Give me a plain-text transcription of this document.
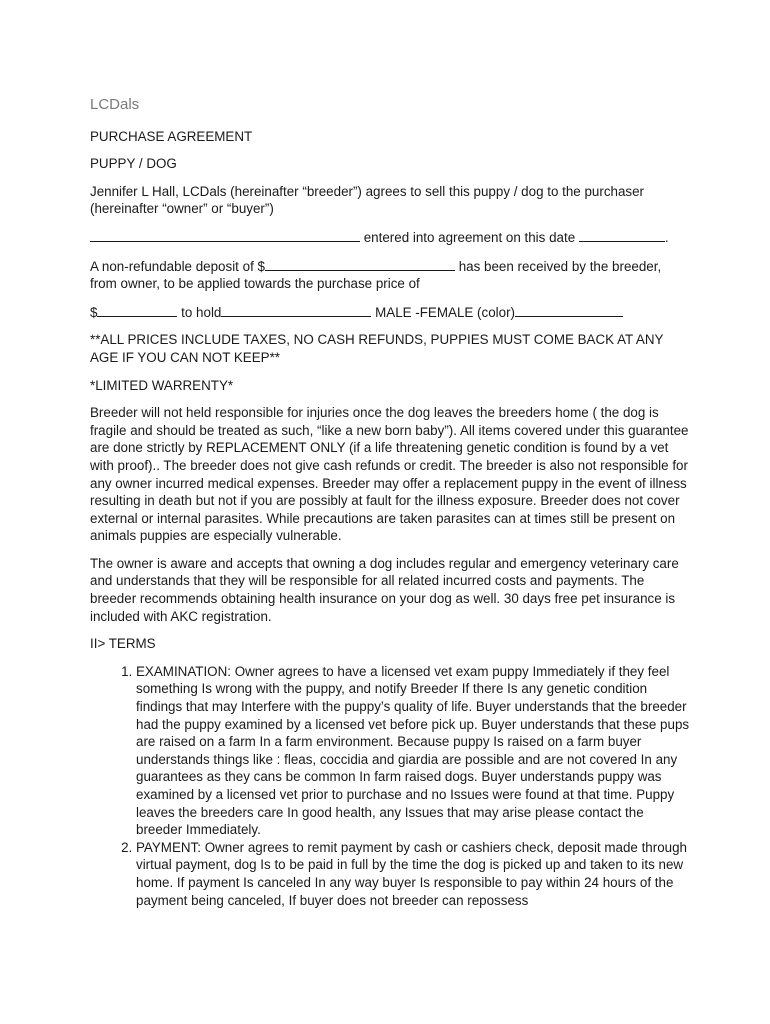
LCDals

PURCHASE AGREEMENT

PUPPY / DOG

Jennifer L Hall, LCDals (hereinafter “breeder”) agrees to sell this puppy / dog to the purchaser (hereinafter “owner” or “buyer”)

entered into agreement on this date	.

A non-refundable deposit of $	has been received by the breeder, from owner, to be applied towards the purchase price of

$	to hold	MALE -FEMALE (color)

**ALL PRICES INCLUDE TAXES, NO CASH REFUNDS, PUPPIES MUST COME BACK AT ANY AGE IF YOU CAN NOT KEEP**

*LIMITED WARRENTY*

Breeder will not held responsible for injuries once the dog leaves the breeders home ( the dog is fragile and should be treated as such, “like a new born baby”). All items covered under this guarantee are done strictly by REPLACEMENT ONLY (if a life threatening genetic condition is found by a vet with proof).. The breeder does not give cash refunds or credit. The breeder is also not responsible for any owner incurred medical expenses. Breeder may offer a replacement puppy in the event of illness resulting in death but not if you are possibly at fault for the illness exposure. Breeder does not cover external or internal parasites. While precautions are taken parasites can at times still be present on animals puppies are especially vulnerable.

The owner is aware and accepts that owning a dog includes regular and emergency veterinary care and understands that they will be responsible for all related incurred costs and payments. The breeder recommends obtaining health insurance on your dog as well. 30 days free pet insurance is included with AKC registration.

II> TERMS

1. EXAMINATION: Owner agrees to have a licensed vet exam puppy Immediately if they feel something Is wrong with the puppy, and notify Breeder If there Is any genetic condition findings that may Interfere with the puppy’s quality of life. Buyer understands that the breeder had the puppy examined by a licensed vet before pick up. Buyer understands that these pups are raised on a farm In a farm environment. Because puppy Is raised on a farm buyer understands things like : fleas, coccidia and giardia are possible and are not covered In any guarantees as they cans be common In farm raised dogs. Buyer understands puppy was examined by a licensed vet prior to purchase and no Issues were found at that time. Puppy leaves the breeders care In good health, any Issues that may arise please contact the breeder Immediately.
2. PAYMENT: Owner agrees to remit payment by cash or cashiers check, deposit made through virtual payment, dog Is to be paid in full by the time the dog is picked up and taken to its new home. If payment Is canceled In any way buyer Is responsible to pay within 24 hours of the payment being canceled, If buyer does not breeder can repossess
